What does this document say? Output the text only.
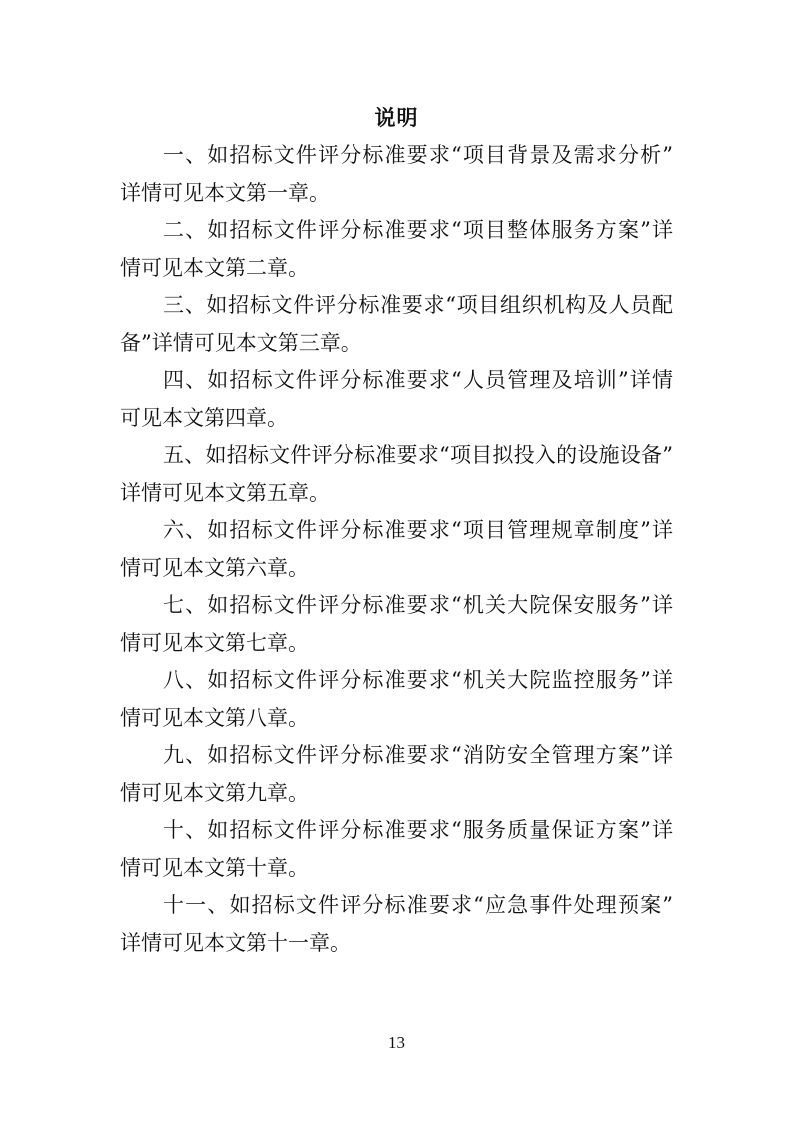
说明
一、如招标文件评分标准要求“项目背景及需求分析”
详情可见本文第一章。
二、如招标文件评分标准要求“项目整体服务方案”详
情可见本文第二章。
三、如招标文件评分标准要求“项目组织机构及人员配
备”详情可见本文第三章。
四、如招标文件评分标准要求“人员管理及培训”详情
可见本文第四章。
五、如招标文件评分标准要求“项目拟投入的设施设备”
详情可见本文第五章。
六、如招标文件评分标准要求“项目管理规章制度”详
情可见本文第六章。
七、如招标文件评分标准要求“机关大院保安服务”详
情可见本文第七章。
八、如招标文件评分标准要求“机关大院监控服务”详
情可见本文第八章。
九、如招标文件评分标准要求“消防安全管理方案”详
情可见本文第九章。
十、如招标文件评分标准要求“服务质量保证方案”详
情可见本文第十章。
十一、如招标文件评分标准要求“应急事件处理预案”
详情可见本文第十一章。
13
